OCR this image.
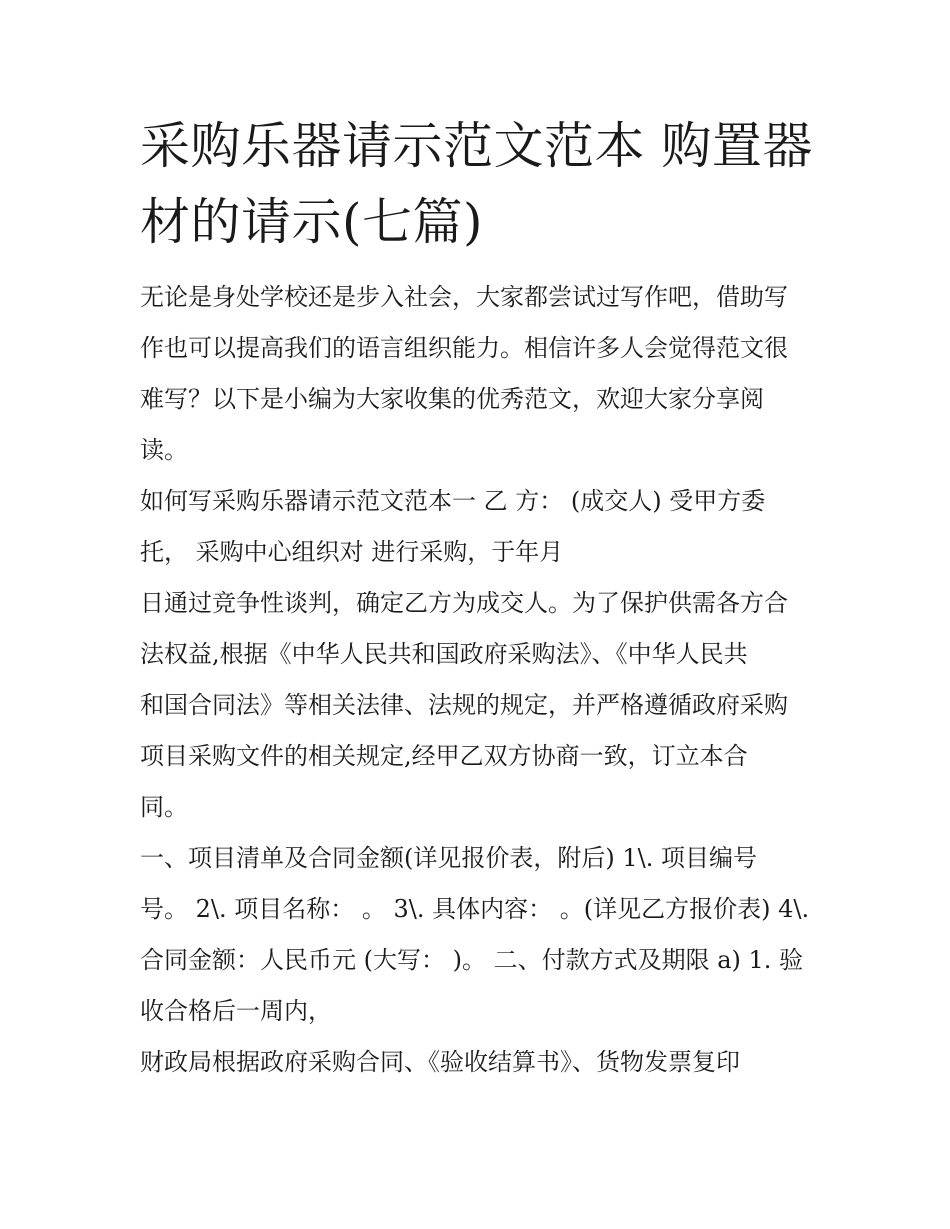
采购乐器请示范文范本 购置器
材的请示(七篇)

无论是身处学校还是步入社会，大家都尝试过写作吧，借助写
作也可以提高我们的语言组织能力。相信许多人会觉得范文很
难写？以下是小编为大家收集的优秀范文，欢迎大家分享阅
读。

如何写采购乐器请示范文范本一 乙 方： (成交人) 受甲方委
托， 采购中心组织对 进行采购，于年月

日通过竞争性谈判，确定乙方为成交人。为了保护供需各方合
法权益,根据《中华人民共和国政府采购法》、《中华人民共
和国合同法》等相关法律、法规的规定，并严格遵循政府采购
项目采购文件的相关规定,经甲乙双方协商一致，订立本合
同。

一、项目清单及合同金额(详见报价表，附后) 1\. 项目编号
号。 2\. 项目名称： 。 3\. 具体内容： 。(详见乙方报价表) 4\.
合同金额：人民币元 (大写： )。 二、付款方式及期限 a) 1. 验
收合格后一周内，

财政局根据政府采购合同、《验收结算书》、货物发票复印
